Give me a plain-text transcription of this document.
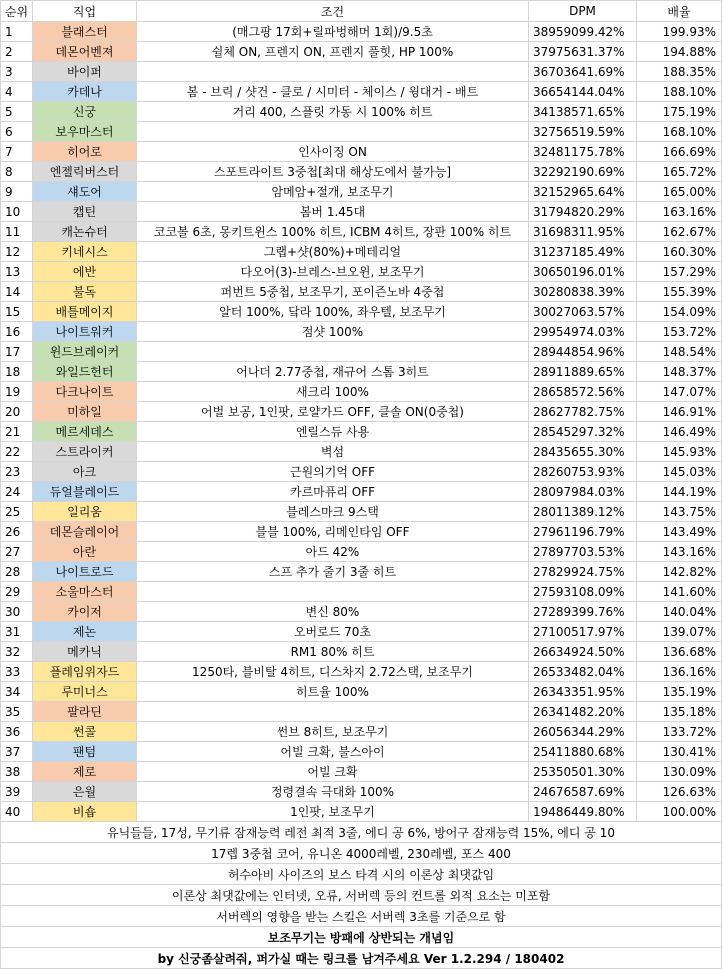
순위	직업	조건	DPM	배율
1	블래스터	(매그팡 17회+릴파벙해머 1회)/9.5초	38959099.42%	199.93%
2	데몬어벤져	쉴체 ON, 프렌지 ON, 프렌지 풀힛, HP 100%	37975631.37%	194.88%
3	바이퍼		36703641.69%	188.35%
4	카데나	봄 - 브릭 / 샷건 - 클로 / 시미터 - 체이스 / 윙대거 - 배트	36654144.04%	188.10%
5	신궁	거리 400, 스플릿 가동 시 100% 히트	34138571.65%	175.19%
6	보우마스터		32756519.59%	168.10%
7	히어로	인사이징 ON	32481175.78%	166.69%
8	엔젤릭버스터	스포트라이트 3중첩[최대 해상도에서 불가능]	32292190.69%	165.72%
9	섀도어	암메암+절개, 보조무기	32152965.64%	165.00%
10	캡틴	봄버 1.45대	31794820.29%	163.16%
11	캐논슈터	코코볼 6초, 몽키트윈스 100% 히트, ICBM 4히트, 장판 100% 히트	31698311.95%	162.67%
12	키네시스	그랩+샷(80%)+메테리얼	31237185.49%	160.30%
13	에반	다오어(3)-브레스-브오윈, 보조무기	30650196.01%	157.29%
14	불독	퍼번트 5중첩, 보조무기, 포이즌노바 4중첩	30280838.39%	155.39%
15	배틀메이지	알터 100%, 닼라 100%, 좌우텔, 보조무기	30027063.57%	154.09%
16	나이트워커	점샷 100%	29954974.03%	153.72%
17	윈드브레이커		28944854.96%	148.54%
18	와일드헌터	어나더 2.77중첩, 재규어 스톰 3히트	28911889.65%	148.37%
19	다크나이트	새크리 100%	28658572.56%	147.07%
20	미하일	어벌 보공, 1인팟, 로얄가드 OFF, 클솔 ON(0중첩)	28627782.75%	146.91%
21	메르세데스	엔릴스듀 사용	28545297.32%	146.49%
22	스트라이커	벽섬	28435655.30%	145.93%
23	아크	근원의기억 OFF	28260753.93%	145.03%
24	듀얼블레이드	카르마퓨리 OFF	28097984.03%	144.19%
25	일리움	블레스마크 9스택	28011389.12%	143.75%
26	데몬슬레이어	블블 100%, 리메인타임 OFF	27961196.79%	143.49%
27	아란	아드 42%	27897703.53%	143.16%
28	나이트로드	스프 추가 줄기 3줄 히트	27829924.75%	142.82%
29	소울마스터		27593108.09%	141.60%
30	카이저	변신 80%	27289399.76%	140.04%
31	제논	오버로드 70초	27100517.97%	139.07%
32	메카닉	RM1 80% 히트	26634924.50%	136.68%
33	플레임위자드	1250타, 블비탈 4히트, 디스차지 2.72스택, 보조무기	26533482.04%	136.16%
34	루미너스	히트율 100%	26343351.95%	135.19%
35	팔라딘		26341482.20%	135.18%
36	썬콜	썬브 8히트, 보조무기	26056344.29%	133.72%
37	팬텀	어빌 크확, 불스아이	25411880.68%	130.41%
38	제로	어빌 크확	25350501.30%	130.09%
39	은월	정령결속 극대화 100%	24676587.69%	126.63%
40	비숍	1인팟, 보조무기	19486449.80%	100.00%
유닉들들, 17성, 무기류 잠재능력 레전 최적 3줄, 에디 공 6%, 방어구 잠재능력 15%, 에디 공 10				
17렙 3중첩 코어, 유니온 4000레벨, 230레벨, 포스 400				
허수아비 사이즈의 보스 타격 시의 이론상 최댓값임				
이론상 최댓값에는 인터넷, 오류, 서버렉 등의 컨트롤 외적 요소는 미포함				
서버렉의 영향을 받는 스킬은 서버렉 3초를 기준으로 함				
보조무기는 방패에 상반되는 개념임				
by 신궁좀살려줘, 퍼가실 때는 링크를 남겨주세요 Ver 1.2.294 / 180402				
